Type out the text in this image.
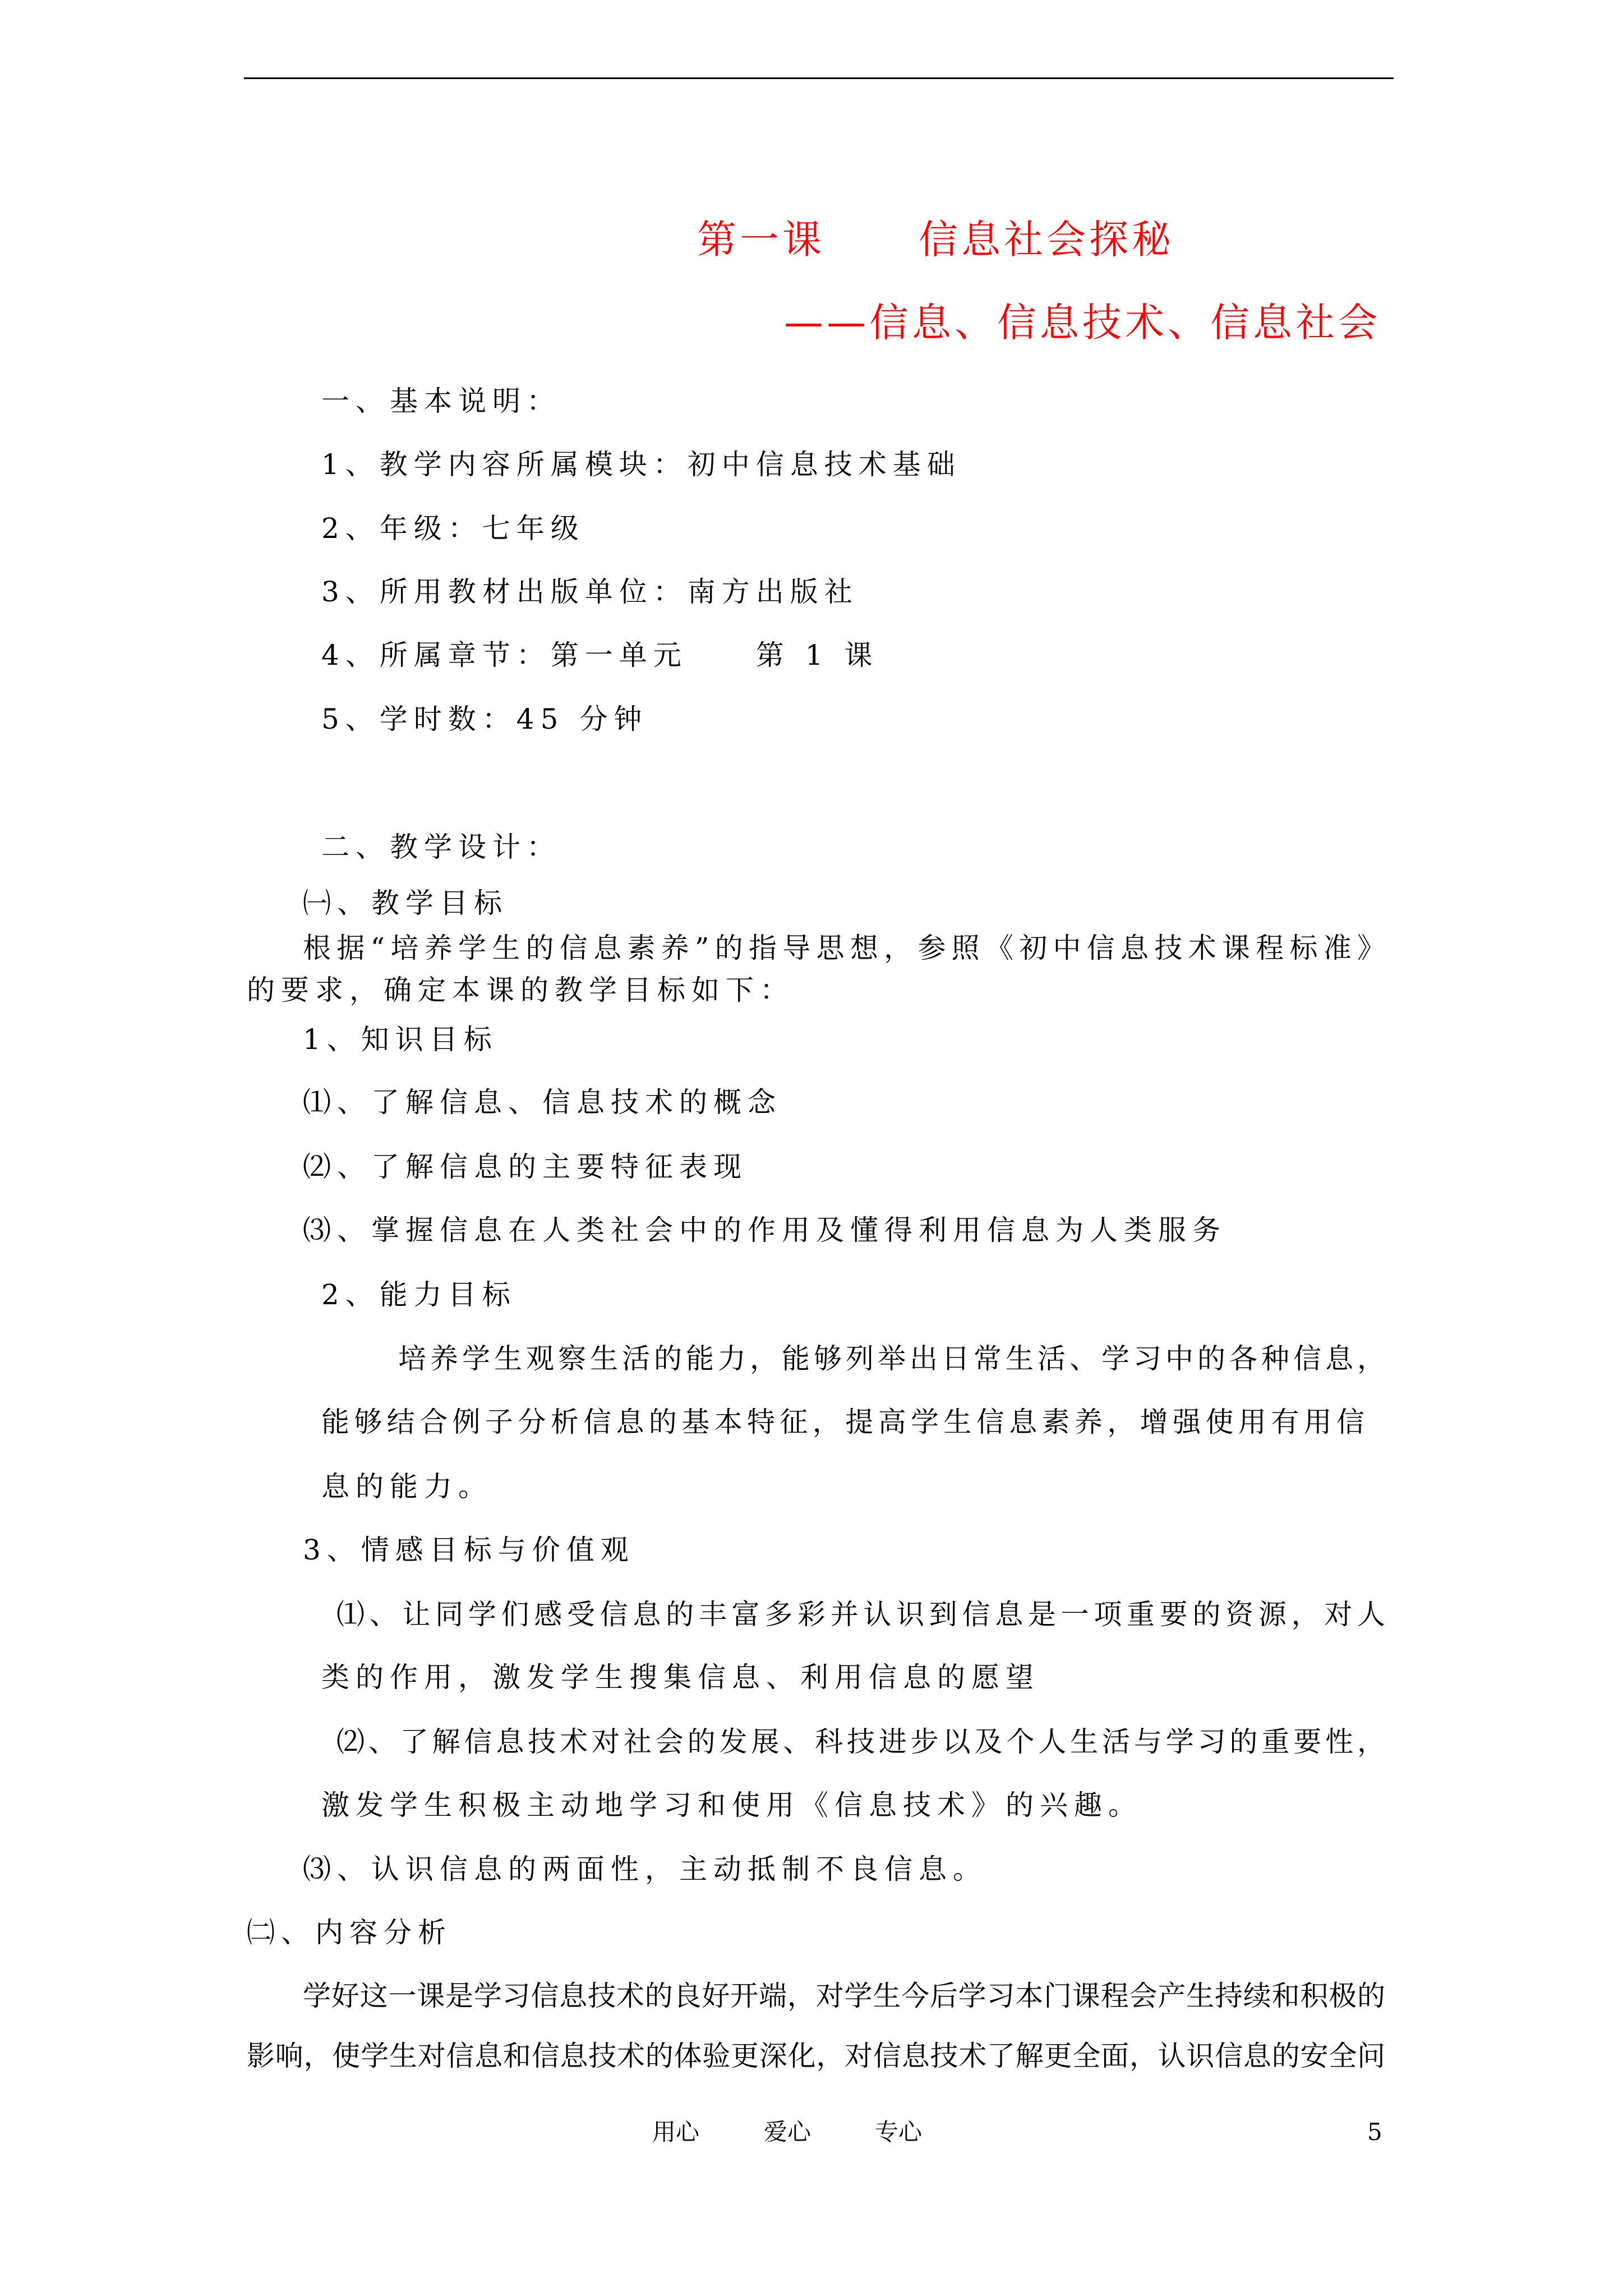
第一课 信息社会探秘
——信息、信息技术、信息社会
一、基本说明：
1、教学内容所属模块：初中信息技术基础
2、年级：七年级
3、所用教材出版单位：南方出版社
4、所属章节：第一单元　　第 1 课
5、学时数：45 分钟
二、教学设计：
㈠、教学目标
根据“培养学生的信息素养”的指导思想，参照《初中信息技术课程标准》
的要求，确定本课的教学目标如下：
1、知识目标
⑴、了解信息、信息技术的概念
⑵、了解信息的主要特征表现
⑶、掌握信息在人类社会中的作用及懂得利用信息为人类服务
2、能力目标
培养学生观察生活的能力，能够列举出日常生活、学习中的各种信息，
能够结合例子分析信息的基本特征，提高学生信息素养，增强使用有用信
息的能力。
3、情感目标与价值观
⑴、让同学们感受信息的丰富多彩并认识到信息是一项重要的资源，对人
类的作用，激发学生搜集信息、利用信息的愿望
⑵、了解信息技术对社会的发展、科技进步以及个人生活与学习的重要性，
激发学生积极主动地学习和使用《信息技术》的兴趣。
⑶、认识信息的两面性，主动抵制不良信息。
㈡、内容分析
学好这一课是学习信息技术的良好开端，对学生今后学习本门课程会产生持续和积极的
影响，使学生对信息和信息技术的体验更深化，对信息技术了解更全面，认识信息的安全问
用心	爱心	专心	5
